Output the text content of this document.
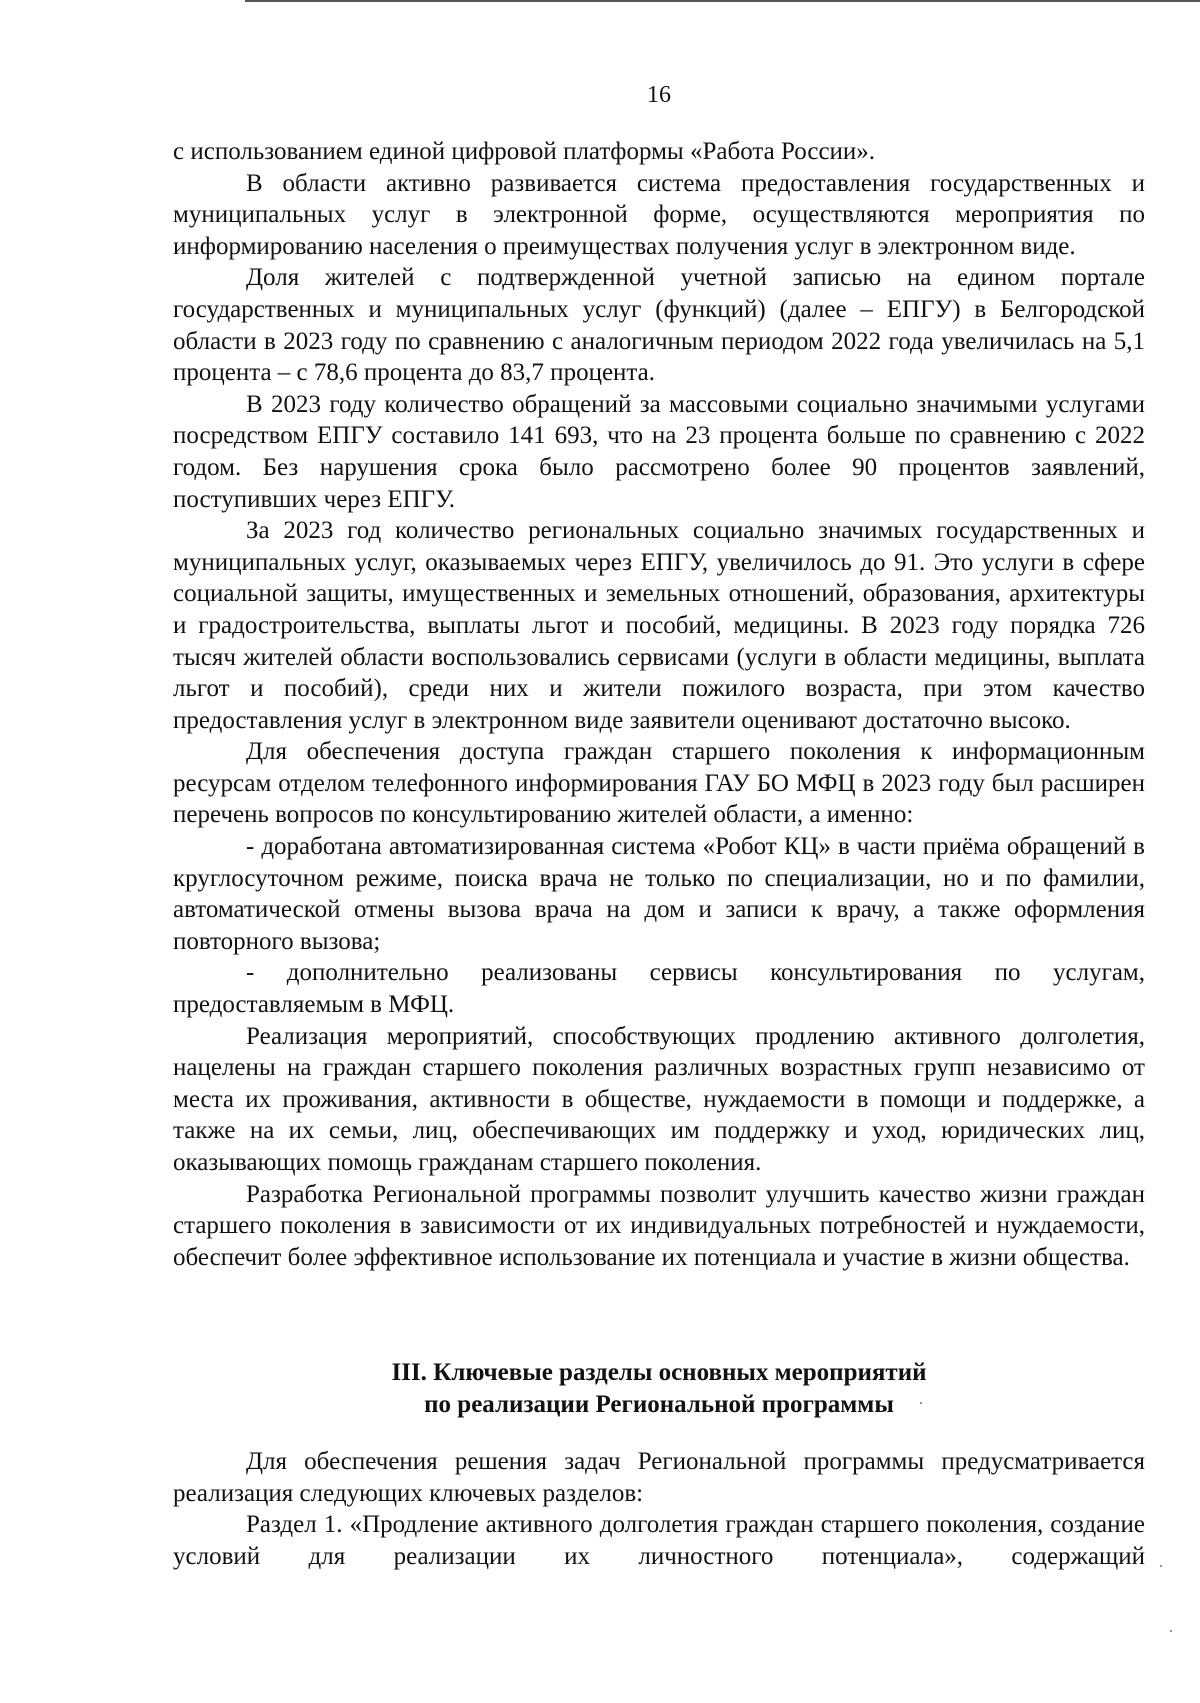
16

с использованием единой цифровой платформы «Работа России».

В области активно развивается система предоставления государственных и муниципальных услуг в электронной форме, осуществляются мероприятия по информированию населения о преимуществах получения услуг в электронном виде.

Доля жителей с подтвержденной учетной записью на едином портале государственных и муниципальных услуг (функций) (далее – ЕПГУ) в Белгородской области в 2023 году по сравнению с аналогичным периодом 2022 года увеличилась на 5,1 процента – с 78,6 процента до 83,7 процента.

В 2023 году количество обращений за массовыми социально значимыми услугами посредством ЕПГУ составило 141 693, что на 23 процента больше по сравнению с 2022 годом. Без нарушения срока было рассмотрено более 90 процентов заявлений, поступивших через ЕПГУ.

За 2023 год количество региональных социально значимых государственных и муниципальных услуг, оказываемых через ЕПГУ, увеличилось до 91. Это услуги в сфере социальной защиты, имущественных и земельных отношений, образования, архитектуры и градостроительства, выплаты льгот и пособий, медицины. В 2023 году порядка 726 тысяч жителей области воспользовались сервисами (услуги в области медицины, выплата льгот и пособий), среди них и жители пожилого возраста, при этом качество предоставления услуг в электронном виде заявители оценивают достаточно высоко.

Для обеспечения доступа граждан старшего поколения к информационным ресурсам отделом телефонного информирования ГАУ БО МФЦ в 2023 году был расширен перечень вопросов по консультированию жителей области, а именно:

- доработана автоматизированная система «Робот КЦ» в части приёма обращений в круглосуточном режиме, поиска врача не только по специализации, но и по фамилии, автоматической отмены вызова врача на дом и записи к врачу, а также оформления повторного вызова;

- дополнительно реализованы сервисы консультирования по услугам, предоставляемым в МФЦ.

Реализация мероприятий, способствующих продлению активного долголетия, нацелены на граждан старшего поколения различных возрастных групп независимо от места их проживания, активности в обществе, нуждаемости в помощи и поддержке, а также на их семьи, лиц, обеспечивающих им поддержку и уход, юридических лиц, оказывающих помощь гражданам старшего поколения.

Разработка Региональной программы позволит улучшить качество жизни граждан старшего поколения в зависимости от их индивидуальных потребностей и нуждаемости, обеспечит более эффективное использование их потенциала и участие в жизни общества.

III. Ключевые разделы основных мероприятий
по реализации Региональной программы

Для обеспечения решения задач Региональной программы предусматривается реализация следующих ключевых разделов:

Раздел 1. «Продление активного долголетия граждан старшего поколения, создание условий для реализации их личностного потенциала», содержащий
